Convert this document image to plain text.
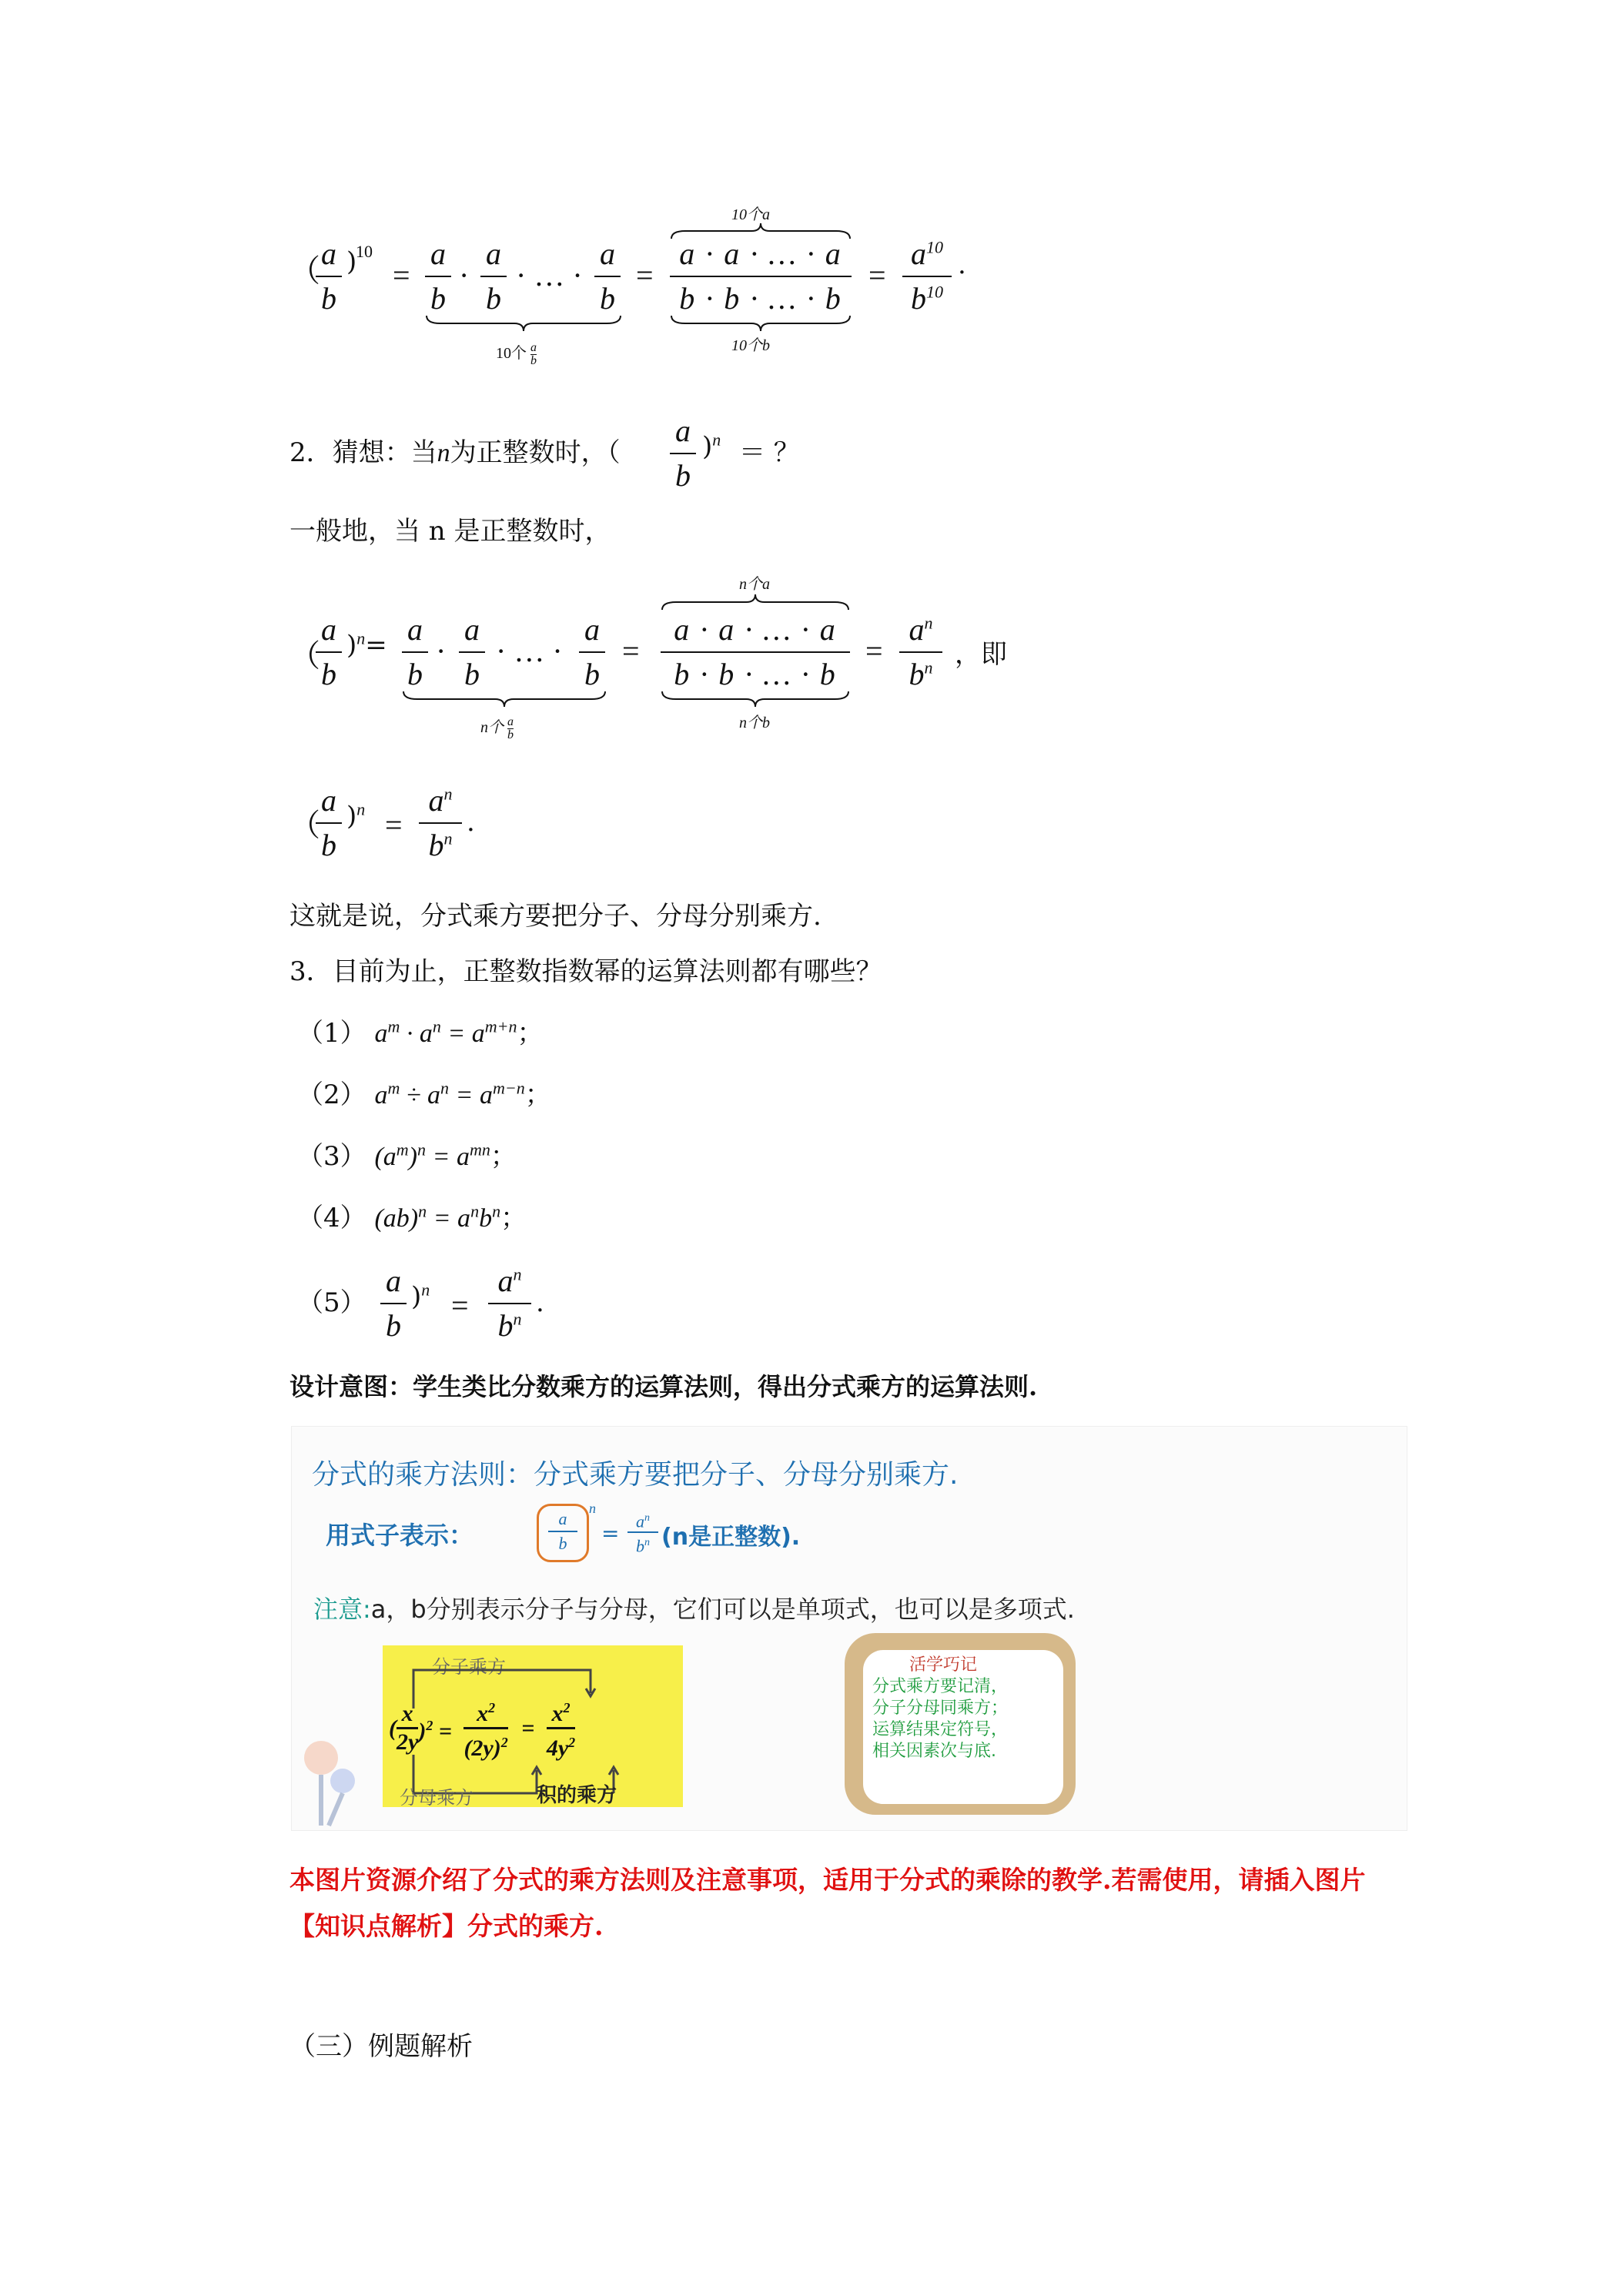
（ a
b
)
10
=
a
b
·
a
b
· … ·
a
b
10个 $\frac{a}{b}$
=
10个a
a · a · … · a
b · b · … · b
10个b
=
$a^{10}$
$b^{10}$
.
2．猜想：当n为正整数时，（
a
b
)$^n$ ＝ ？
一般地，当 n 是正整数时，
（
a
b
)$^n$= a
b
·
a
b
· … ·
a
b
n个 $\frac{a}{b}$
=
n个a
a · a · … · a
b · b · … · b
n个b
=
$a^n$
$b^n$ ，即
（
a
b
)$^n$ =
$a^n$
$b^n$
.
这就是说，分式乘方要把分子、分母分别乘方.
3．目前为止，正整数指数幂的运算法则都有哪些？
（1） $a^m \cdot a^n = a^{m+n}$；
（2） $a^m \div a^n = a^{m-n}$；
（3） $(a^m)^n = a^{mn}$；
（4） $(ab)^n = a^nb^n$；
（5）
a
b
)$^n$ =
$a^n$
$b^n$
.
设计意图：学生类比分数乘方的运算法则，得出分式乘方的运算法则.
分式的乘方法则：分式乘方要把分子、分母分别乘方.
用式子表示：
a
b
n
= $a^n$
$b^n$ (n是正整数).
注意:a，b分别表示分子与分母，它们可以是单项式，也可以是多项式.
分子乘方
( $\frac{x}{2y} )^2 = \frac{x^2}{(2y)^2} = \frac{x^2}{4y^2}$
分母乘方	积的乘方
活学巧记
分式乘方要记清，
分子分母同乘方；
运算结果定符号，
相关因素次与底.
本图片资源介绍了分式的乘方法则及注意事项，适用于分式的乘除的教学.若需使用，请插入图片【知识点解析】分式的乘方.
（三）例题解析
